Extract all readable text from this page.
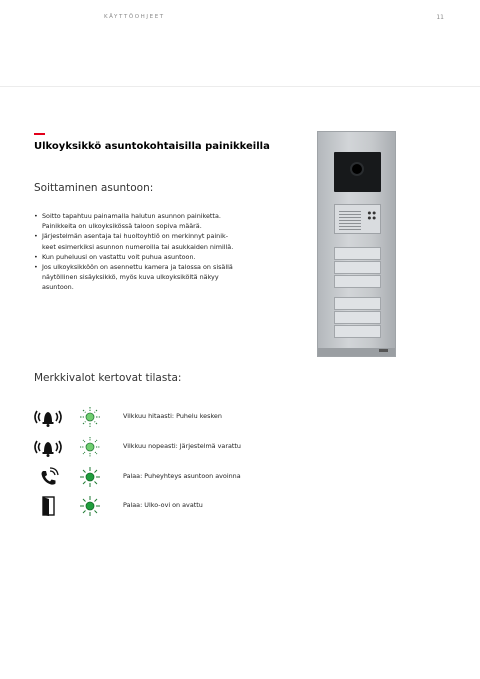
KÄYTTÖOHJEET	11
Ulkoyksikkö asuntokohtaisilla painikkeilla
Soittaminen asuntoon:
• Soitto tapahtuu painamalla halutun asunnon painiketta.
Painikkeita on ulkoyksikössä taloon sopiva määrä.
• Järjestelmän asentaja tai huoltoyhtiö on merkinnyt painik-
keet esimerkiksi asunnon numeroilla tai asukkaiden nimillä.
• Kun puheluusi on vastattu voit puhua asuntoon.
• Jos ulkoyksikköön on asennettu kamera ja talossa on sisällä
näytöllinen sisäyksikkö, myös kuva ulkoyksiköltä näkyy
asuntoon.
● ●
● ●
Merkkivalot kertovat tilasta:
Vilkkuu hitaasti: Puhelu kesken
Vilkkuu nopeasti: Järjestelmä varattu
Palaa: Puheyhteys asuntoon avoinna
Palaa: Ulko-ovi on avattu
